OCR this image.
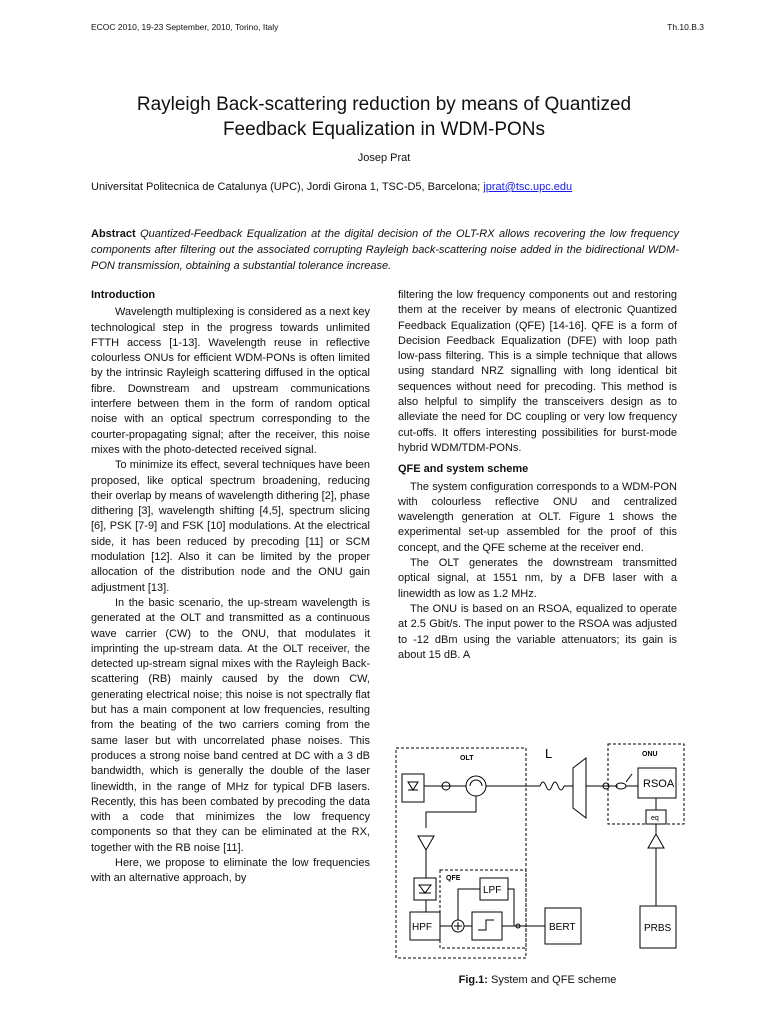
ECOC 2010, 19-23 September, 2010, Torino, Italy	Th.10.B.3
Rayleigh Back-scattering reduction by means of Quantized
Feedback Equalization in WDM-PONs
Josep Prat
Universitat Politecnica de Catalunya (UPC), Jordi Girona 1, TSC-D5, Barcelona; jprat@tsc.upc.edu
Abstract Quantized-Feedback Equalization at the digital decision of the OLT-RX allows recovering the low frequency components after filtering out the associated corrupting Rayleigh back-scattering noise added in the bidirectional WDM-PON transmission, obtaining a substantial tolerance increase.
Introduction

Wavelength multiplexing is considered as a next key technological step in the progress towards unlimited FTTH access [1-13]. Wavelength reuse in reflective colourless ONUs for efficient WDM-PONs is often limited by the intrinsic Rayleigh scattering diffused in the optical fibre. Downstream and upstream communications interfere between them in the form of random optical noise with an optical spectrum corresponding to the courter-propagating signal; after the receiver, this noise mixes with the photo-detected received signal.

To minimize its effect, several techniques have been proposed, like optical spectrum broadening, reducing their overlap by means of wavelength dithering [2], phase dithering [3], wavelength shifting [4,5], spectrum slicing [6], PSK [7-9] and FSK [10] modulations. At the electrical side, it has been reduced by precoding [11] or SCM modulation [12]. Also it can be limited by the proper allocation of the distribution node and the ONU gain adjustment [13].

In the basic scenario, the up-stream wavelength is generated at the OLT and transmitted as a continuous wave carrier (CW) to the ONU, that modulates it imprinting the up-stream data. At the OLT receiver, the detected up-stream signal mixes with the Rayleigh Back-scattering (RB) mainly caused by the down CW, generating electrical noise; this noise is not spectrally flat but has a main component at low frequencies, resulting from the beating of the two carriers coming from the same laser but with uncorrelated phase noises. This produces a strong noise band centred at DC with a 3 dB bandwidth, which is generally the double of the laser linewidth, in the range of MHz for typical DFB lasers. Recently, this has been combated by precoding the data with a code that minimizes the low frequency components so that they can be eliminated at the RX, together with the RB noise [11].

Here, we propose to eliminate the low frequencies with an alternative approach, by

filtering the low frequency components out and restoring them at the receiver by means of electronic Quantized Feedback Equalization (QFE) [14-16]. QFE is a form of Decision Feedback Equalization (DFE) with loop path low-pass filtering. This is a simple technique that allows using standard NRZ signalling with long identical bit sequences without need for precoding. This method is also helpful to simplify the transceivers design as to alleviate the need for DC coupling or very low frequency cut-offs. It offers interesting possibilities for burst-mode hybrid WDM/TDM-PONs.

QFE and system scheme

The system configuration corresponds to a WDM-PON with colourless reflective ONU and centralized wavelength generation at OLT. Figure 1 shows the experimental set-up assembled for the proof of this concept, and the QFE scheme at the receiver end.

The OLT generates the downstream transmitted optical signal, at 1551 nm, by a DFB laser with a linewidth as low as 1.2 MHz.

The ONU is based on an RSOA, equalized to operate at 2.5 Gbit/s. The input power to the RSOA was adjusted to -12 dBm using the variable attenuators; its gain is about 15 dB. A

OLT
ONU
L
RSOA
eq
QFE
LPF
HPF	BERT	PRBS
Fig.1: System and QFE scheme
